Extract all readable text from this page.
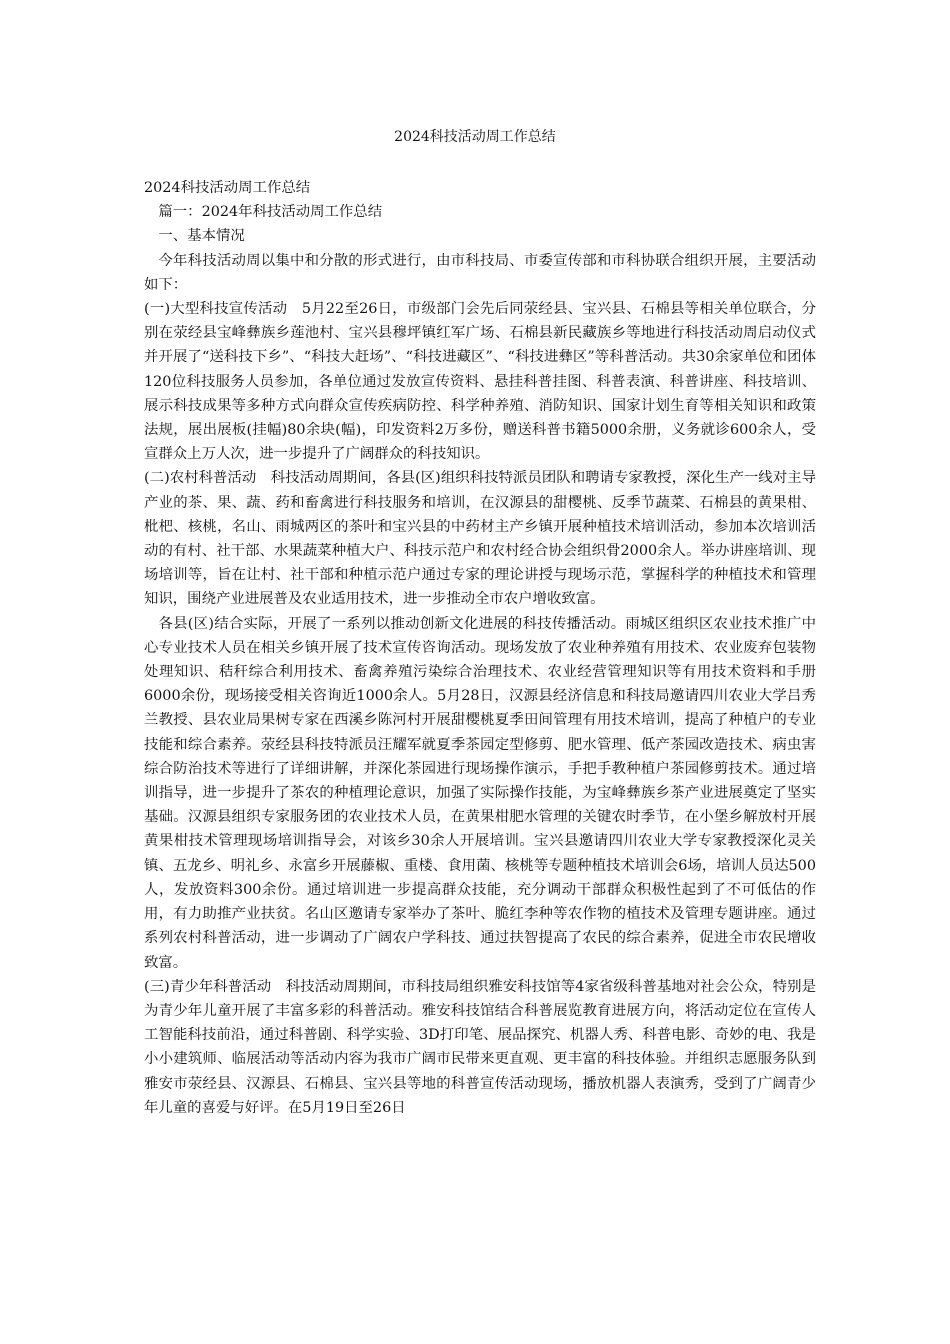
2024科技活动周工作总结

2024科技活动周工作总结

篇一：2024年科技活动周工作总结

一、基本情况

今年科技活动周以集中和分散的形式进行，由市科技局、市委宣传部和市科协联合组织开展，主要活动如下：

(一)大型科技宣传活动　5月22至26日，市级部门会先后同荥经县、宝兴县、石棉县等相关单位联合，分别在荥经县宝峰彝族乡莲池村、宝兴县穆坪镇红军广场、石棉县新民藏族乡等地进行科技活动周启动仪式并开展了“送科技下乡”、“科技大赶场”、“科技进藏区”、“科技进彝区”等科普活动。共30余家单位和团体120位科技服务人员参加，各单位通过发放宣传资料、悬挂科普挂图、科普表演、科普讲座、科技培训、展示科技成果等多种方式向群众宣传疾病防控、科学种养殖、消防知识、国家计划生育等相关知识和政策法规，展出展板(挂幅)80余块(幅)，印发资料2万多份，赠送科普书籍5000余册，义务就诊600余人，受宣群众上万人次，进一步提升了广阔群众的科技知识。

(二)农村科普活动　科技活动周期间，各县(区)组织科技特派员团队和聘请专家教授，深化生产一线对主导产业的茶、果、蔬、药和畜禽进行科技服务和培训，在汉源县的甜樱桃、反季节蔬菜、石棉县的黄果柑、枇杷、核桃，名山、雨城两区的茶叶和宝兴县的中药材主产乡镇开展种植技术培训活动，参加本次培训活动的有村、社干部、水果蔬菜种植大户、科技示范户和农村经合协会组织骨2000余人。举办讲座培训、现场培训等，旨在让村、社干部和种植示范户通过专家的理论讲授与现场示范，掌握科学的种植技术和管理知识，围绕产业进展普及农业适用技术，进一步推动全市农户增收致富。

各县(区)结合实际，开展了一系列以推动创新文化进展的科技传播活动。雨城区组织区农业技术推广中心专业技术人员在相关乡镇开展了技术宣传咨询活动。现场发放了农业种养殖有用技术、农业废弃包装物处理知识、秸秆综合利用技术、畜禽养殖污染综合治理技术、农业经营管理知识等有用技术资料和手册6000余份，现场接受相关咨询近1000余人。5月28日，汉源县经济信息和科技局邀请四川农业大学吕秀兰教授、县农业局果树专家在西溪乡陈河村开展甜樱桃夏季田间管理有用技术培训，提高了种植户的专业技能和综合素养。荥经县科技特派员汪耀军就夏季茶园定型修剪、肥水管理、低产茶园改造技术、病虫害综合防治技术等进行了详细讲解，并深化茶园进行现场操作演示，手把手教种植户茶园修剪技术。通过培训指导，进一步提升了茶农的种植理论意识，加强了实际操作技能，为宝峰彝族乡茶产业进展奠定了坚实基础。汉源县组织专家服务团的农业技术人员，在黄果柑肥水管理的关键农时季节，在小堡乡解放村开展黄果柑技术管理现场培训指导会，对该乡30余人开展培训。宝兴县邀请四川农业大学专家教授深化灵关镇、五龙乡、明礼乡、永富乡开展藤椒、重楼、食用菌、核桃等专题种植技术培训会6场，培训人员达500人，发放资料300余份。通过培训进一步提高群众技能，充分调动干部群众积极性起到了不可低估的作用，有力助推产业扶贫。名山区邀请专家举办了茶叶、脆红李种等农作物的植技术及管理专题讲座。通过系列农村科普活动，进一步调动了广阔农户学科技、通过扶智提高了农民的综合素养，促进全市农民增收致富。

(三)青少年科普活动　科技活动周期间，市科技局组织雅安科技馆等4家省级科普基地对社会公众，特别是为青少年儿童开展了丰富多彩的科普活动。雅安科技馆结合科普展览教育进展方向，将活动定位在宣传人工智能科技前沿，通过科普剧、科学实验、3D打印笔、展品探究、机器人秀、科普电影、奇妙的电、我是小小建筑师、临展活动等活动内容为我市广阔市民带来更直观、更丰富的科技体验。并组织志愿服务队到雅安市荥经县、汉源县、石棉县、宝兴县等地的科普宣传活动现场，播放机器人表演秀，受到了广阔青少年儿童的喜爱与好评。在5月19日至26日
